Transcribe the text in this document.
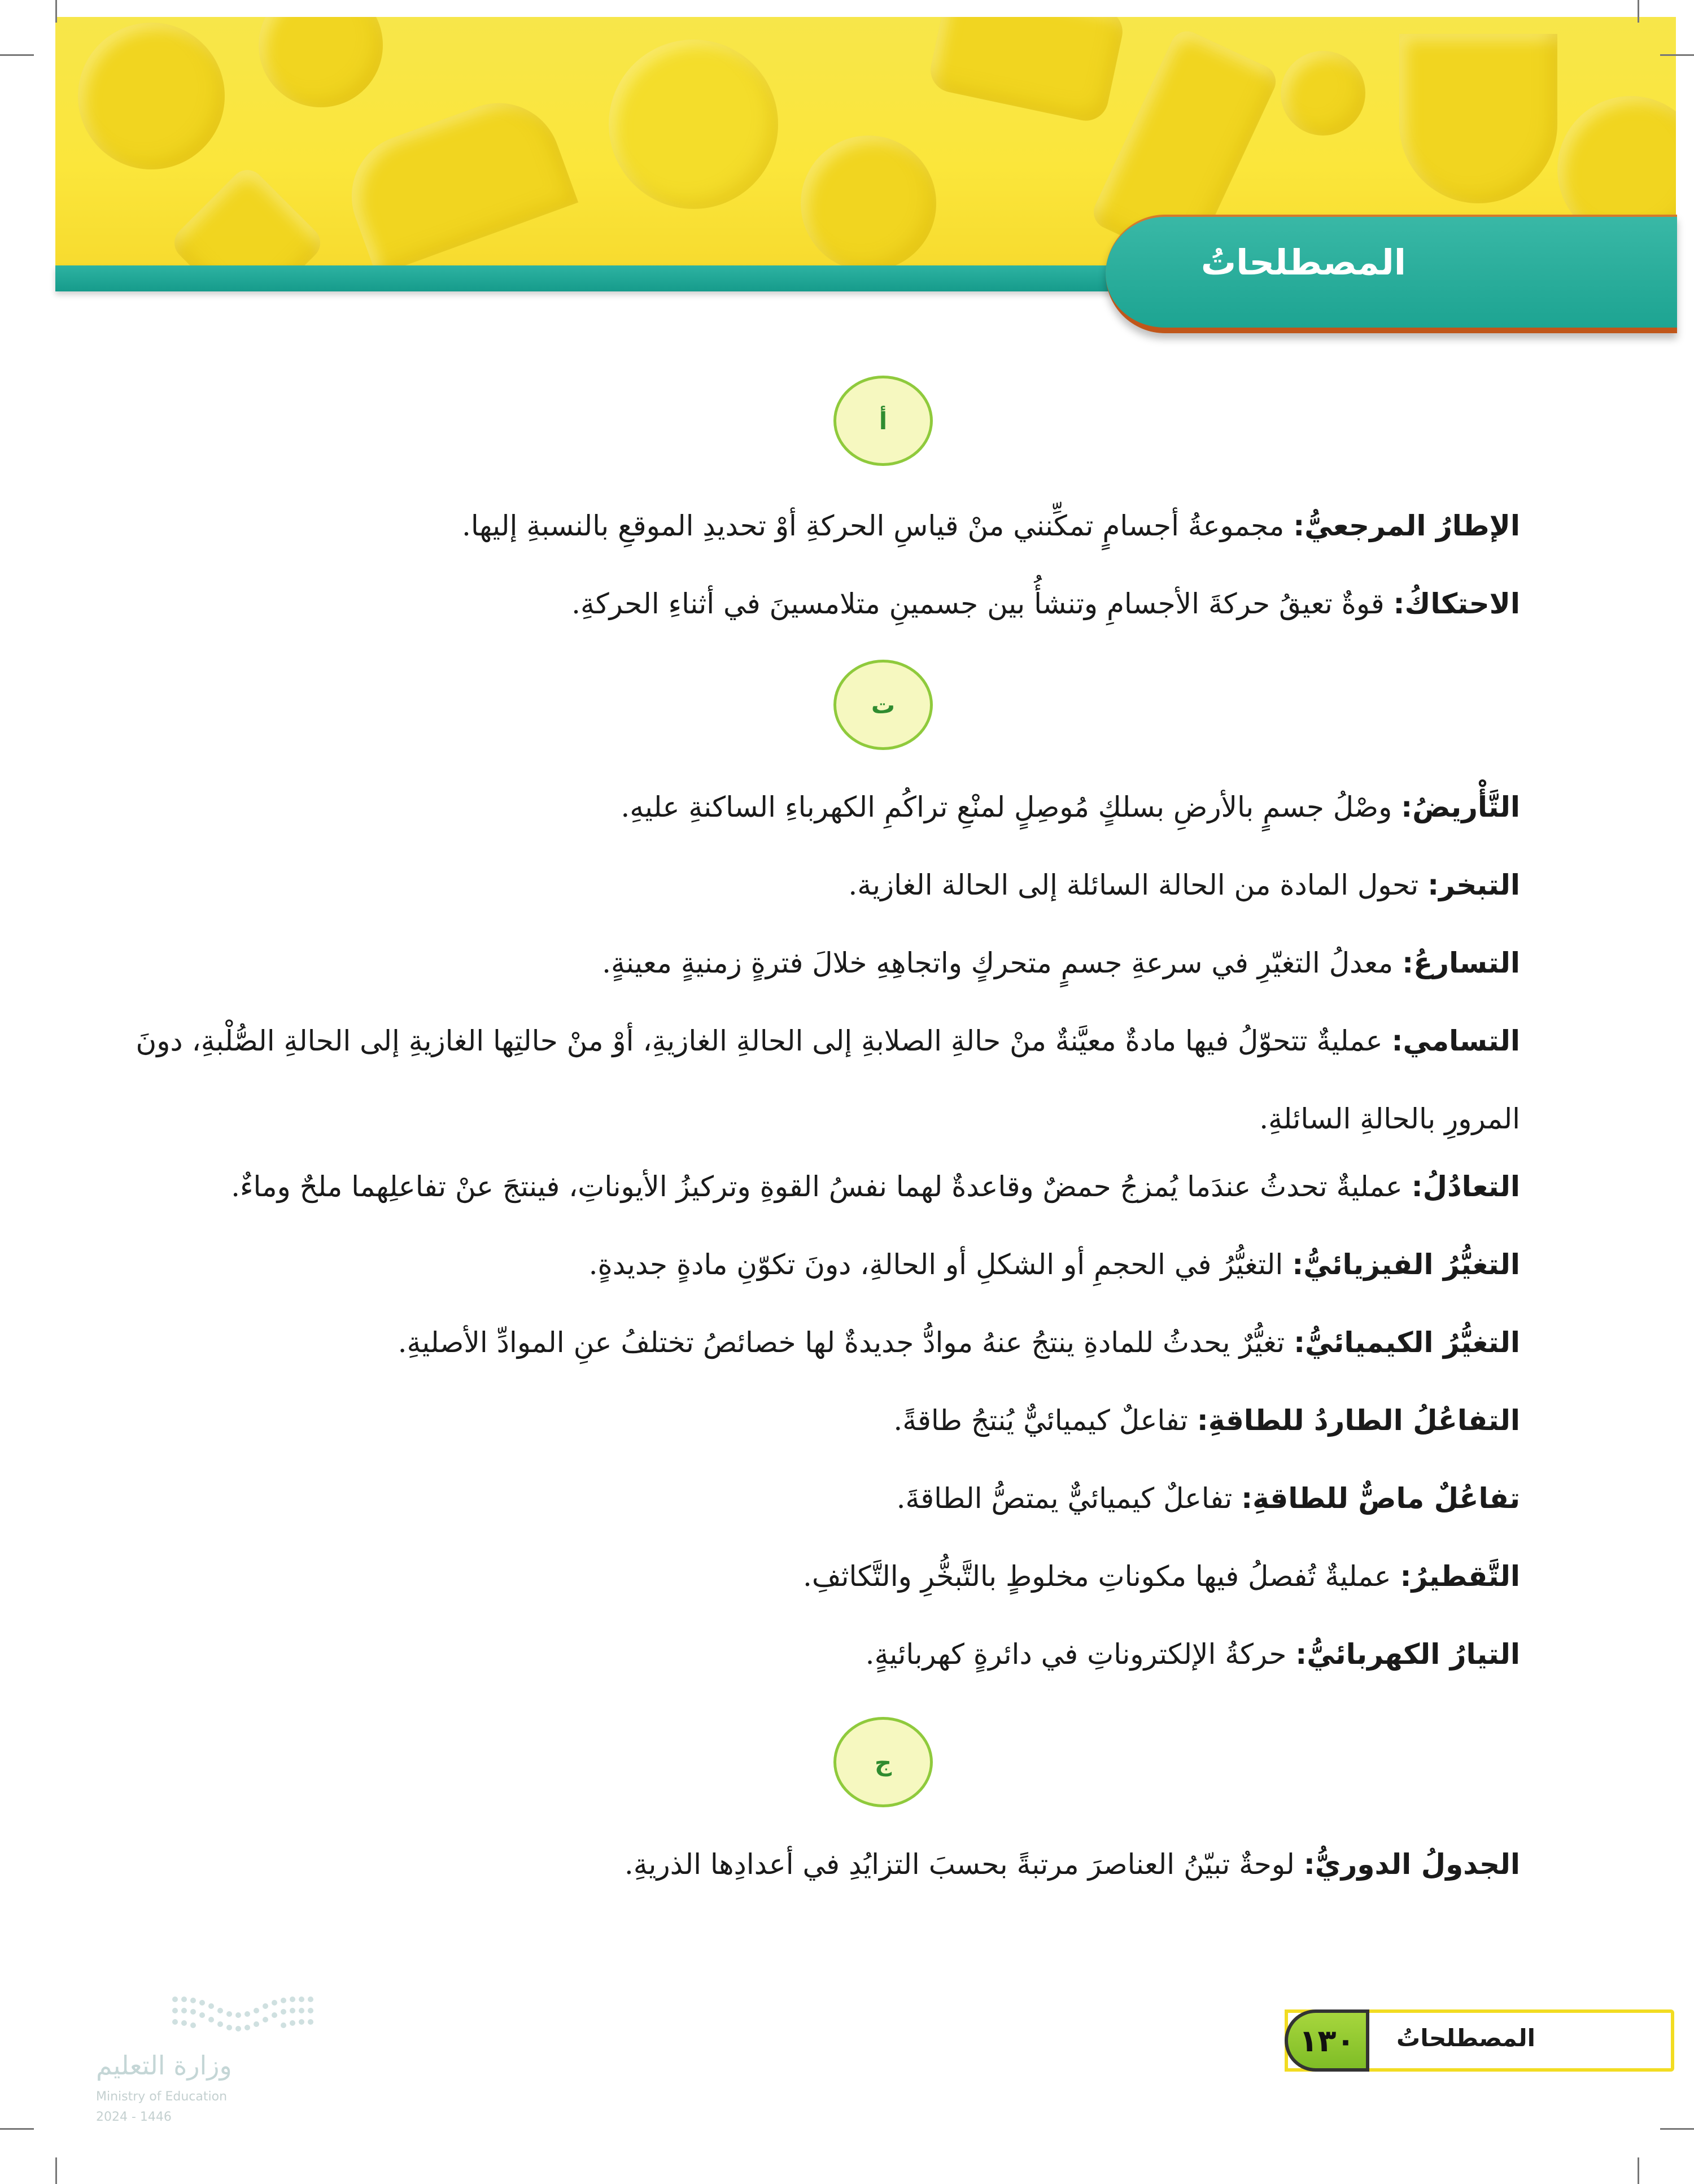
المصطلحاتُ
أ
الإطارُ المرجعيُّ: مجموعةُ أجسامٍ تمكِّنني منْ قياسِ الحركةِ أوْ تحديدِ الموقعِ بالنسبةِ إليها.
الاحتكاكُ: قوةٌ تعيقُ حركةَ الأجسامِ وتنشأُ بين جسمينِ متلامسينَ في أثناءِ الحركةِ.
ت
التَّأْريضُ: وصْلُ جسمٍ بالأرضِ بسلكٍ مُوصِلٍ لمنْعِ تراكُمِ الكهرباءِ الساكنةِ عليهِ.
التبخر: تحول المادة من الحالة السائلة إلى الحالة الغازية.
التسارعُ: معدلُ التغيّرِ في سرعةِ جسمٍ متحركٍ واتجاهِهِ خلالَ فترةٍ زمنيةٍ معينةٍ.
التسامي: عمليةٌ تتحوّلُ فيها مادةٌ معيَّنةٌ منْ حالةِ الصلابةِ إلى الحالةِ الغازيةِ، أوْ منْ حالتِها الغازيةِ إلى الحالةِ الصُّلْبةِ، دونَ المرورِ بالحالةِ السائلةِ.
التعادُلُ: عمليةٌ تحدثُ عندَما يُمزجُ حمضٌ وقاعدةٌ لهما نفسُ القوةِ وتركيزُ الأيوناتِ، فينتجَ عنْ تفاعلِهما ملحٌ وماءٌ.
التغيُّرُ الفيزيائيُّ: التغيُّرُ في الحجمِ أو الشكلِ أو الحالةِ، دونَ تكوّنِ مادةٍ جديدةٍ.
التغيُّرُ الكيميائيُّ: تغيُّرٌ يحدثُ للمادةِ ينتجُ عنهُ موادُّ جديدةٌ لها خصائصُ تختلفُ عنِ الموادِّ الأصليةِ.
التفاعُلُ الطاردُ للطاقةِ: تفاعلٌ كيميائيٌّ يُنتجُ طاقةً.
تفاعُلٌ ماصٌّ للطاقةِ: تفاعلٌ كيميائيٌّ يمتصُّ الطاقةَ.
التَّقطيرُ: عمليةٌ تُفصلُ فيها مكوناتِ مخلوطٍ بالتَّبخُّرِ والتَّكاثفِ.
التيارُ الكهربائيُّ: حركةُ الإلكتروناتِ في دائرةٍ كهربائيةٍ.
ج
الجدولُ الدوريُّ: لوحةٌ تبيّنُ العناصرَ مرتبةً بحسبَ التزايُدِ في أعدادِها الذريةِ.
المصطلحاتُ
١٣٠
وزارة التعليم
Ministry of Education
2024 - 1446
